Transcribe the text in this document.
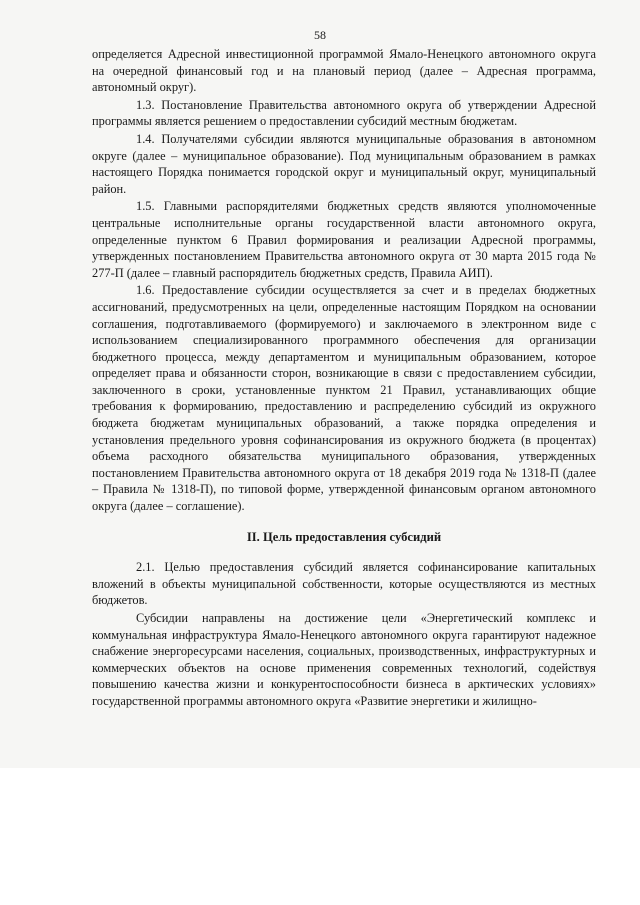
58

определяется Адресной инвестиционной программой Ямало-Ненецкого автономного округа на очередной финансовый год и на плановый период (далее – Адресная программа, автономный округ).

1.3. Постановление Правительства автономного округа об утверждении Адресной программы является решением о предоставлении субсидий местным бюджетам.

1.4. Получателями субсидии являются муниципальные образования в автономном округе (далее – муниципальное образование). Под муниципальным образованием в рамках настоящего Порядка понимается городской округ и муниципальный округ, муниципальный район.

1.5. Главными распорядителями бюджетных средств являются уполномоченные центральные исполнительные органы государственной власти автономного округа, определенные пунктом 6 Правил формирования и реализации Адресной программы, утвержденных постановлением Правительства автономного округа от 30 марта 2015 года № 277-П (далее – главный распорядитель бюджетных средств, Правила АИП).

1.6. Предоставление субсидии осуществляется за счет и в пределах бюджетных ассигнований, предусмотренных на цели, определенные настоящим Порядком на основании соглашения, подготавливаемого (формируемого) и заключаемого в электронном виде с использованием специализированного программного обеспечения для организации бюджетного процесса, между департаментом и муниципальным образованием, которое определяет права и обязанности сторон, возникающие в связи с предоставлением субсидии, заключенного в сроки, установленные пунктом 21 Правил, устанавливающих общие требования к формированию, предоставлению и распределению субсидий из окружного бюджета бюджетам муниципальных образований, а также порядка определения и установления предельного уровня софинансирования из окружного бюджета (в процентах) объема расходного обязательства муниципального образования, утвержденных постановлением Правительства автономного округа от 18 декабря 2019 года № 1318-П (далее – Правила № 1318-П), по типовой форме, утвержденной финансовым органом автономного округа (далее – соглашение).

II. Цель предоставления субсидий

2.1. Целью предоставления субсидий является софинансирование капитальных вложений в объекты муниципальной собственности, которые осуществляются из местных бюджетов.

Субсидии направлены на достижение цели «Энергетический комплекс и коммунальная инфраструктура Ямало-Ненецкого автономного округа гарантируют надежное снабжение энергоресурсами населения, социальных, производственных, инфраструктурных и коммерческих объектов на основе применения современных технологий, содействуя повышению качества жизни и конкурентоспособности бизнеса в арктических условиях» государственной программы автономного округа «Развитие энергетики и жилищно-
